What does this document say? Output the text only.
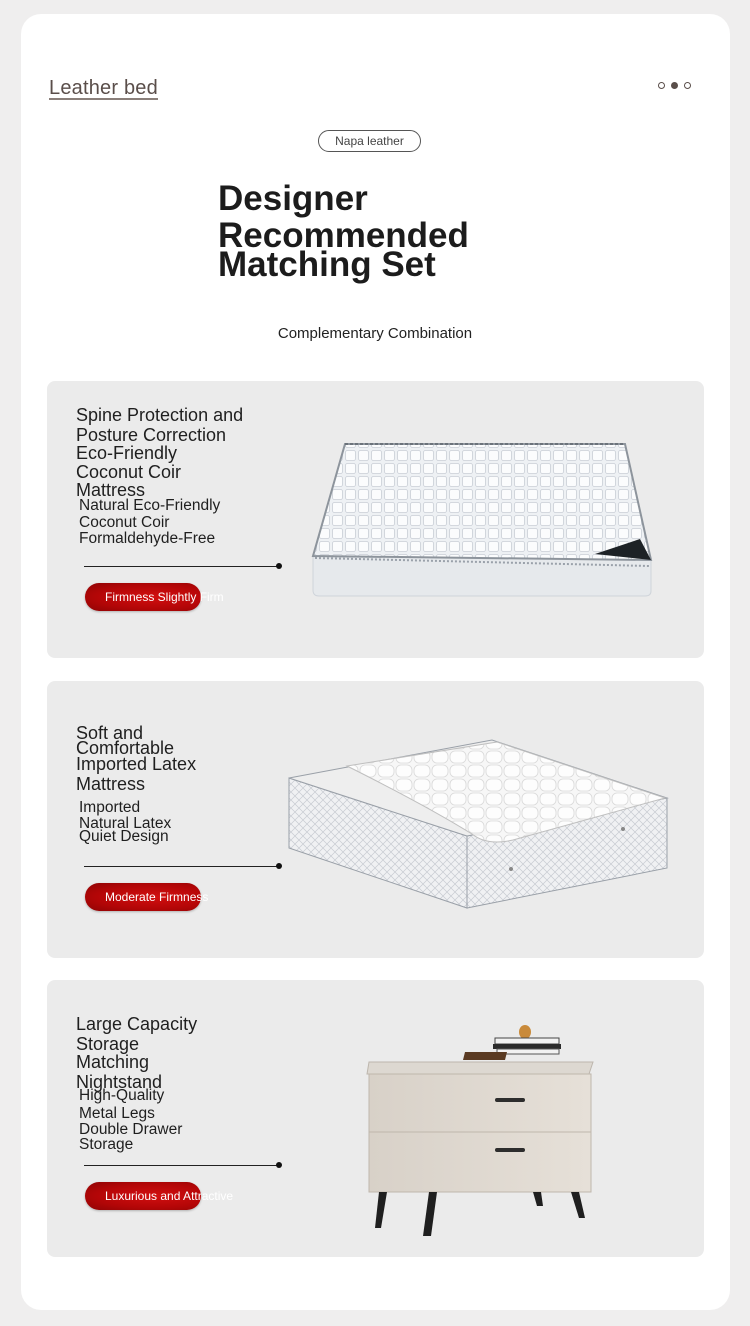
Leather bed
Napa leather
Designer
Recommended
Matching Set
Complementary Combination
Spine Protection and
Posture Correction
Eco-Friendly
Coconut Coir
Mattress
Natural Eco-Friendly
Coconut Coir
Formaldehyde-Free
Firmness Slightly Firm
Soft and
Comfortable
Imported Latex
Mattress
Imported
Natural Latex
Quiet Design
Moderate Firmness
Large Capacity
Storage
Matching
Nightstand
High-Quality
Metal Legs
Double Drawer
Storage
Luxurious and Attractive
